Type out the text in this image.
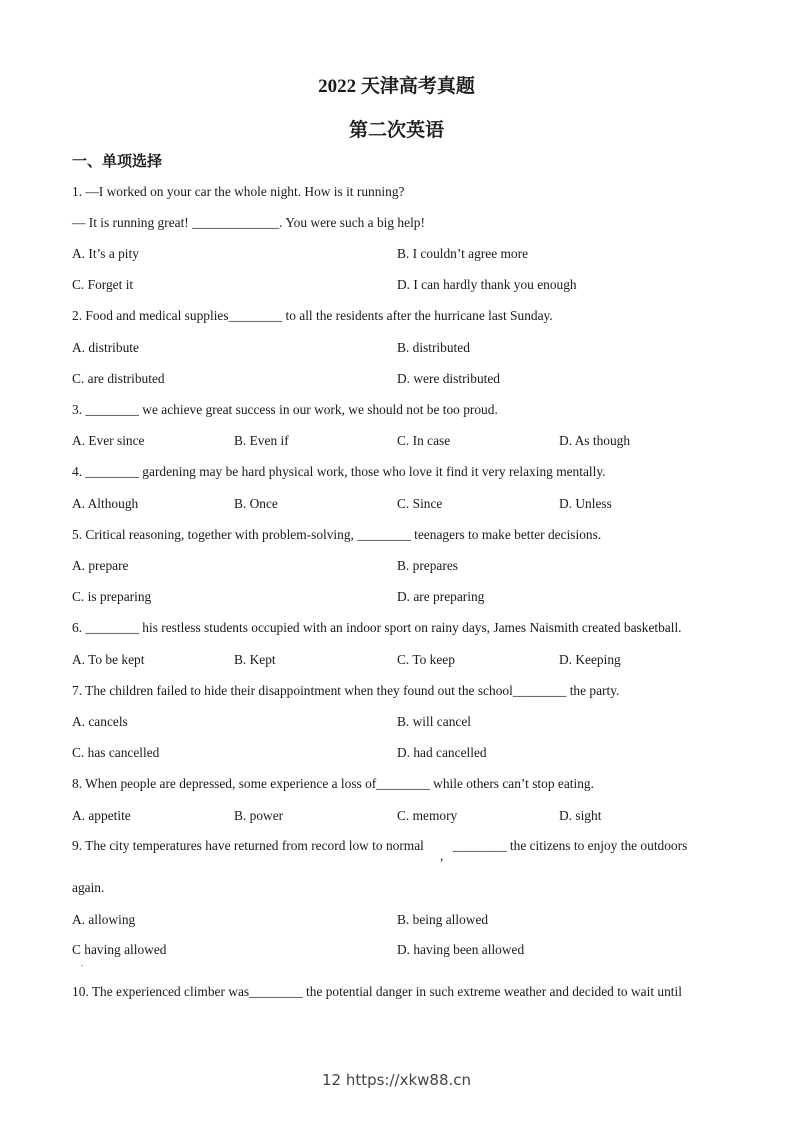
2022 天津高考真题
第二次英语
一、单项选择
1. —I worked on your car the whole night. How is it running?
— It is running great! _____________. You were such a big help!
A. It’s a pity	B. I couldn’t agree more
C. Forget it	D. I can hardly thank you enough
2. Food and medical supplies________ to all the residents after the hurricane last Sunday.
A. distribute	B. distributed
C. are distributed	D. were distributed
3. ________ we achieve great success in our work, we should not be too proud.
A. Ever since	B. Even if	C. In case	D. As though
4. ________ gardening may be hard physical work, those who love it find it very relaxing mentally.
A. Although	B. Once	C. Since	D. Unless
5. Critical reasoning, together with problem-solving, ________ teenagers to make better decisions.
A. prepare	B. prepares
C. is preparing	D. are preparing
6. ________ his restless students occupied with an indoor sport on rainy days, James Naismith created basketball.
A. To be kept	B. Kept	C. To keep	D. Keeping
7. The children failed to hide their disappointment when they found out the school________ the party.
A. cancels	B. will cancel
C. has cancelled	D. had cancelled
8. When people are depressed, some experience a loss of________ while others can’t stop eating.
A. appetite	B. power	C. memory	D. sight
9. The city temperatures have returned from record low to normal
,
________ the citizens to enjoy the outdoors
again.
A. allowing	B. being allowed
C having allowed	D. having been allowed
.
10. The experienced climber was________ the potential danger in such extreme weather and decided to wait until
12 https://xkw88.cn
